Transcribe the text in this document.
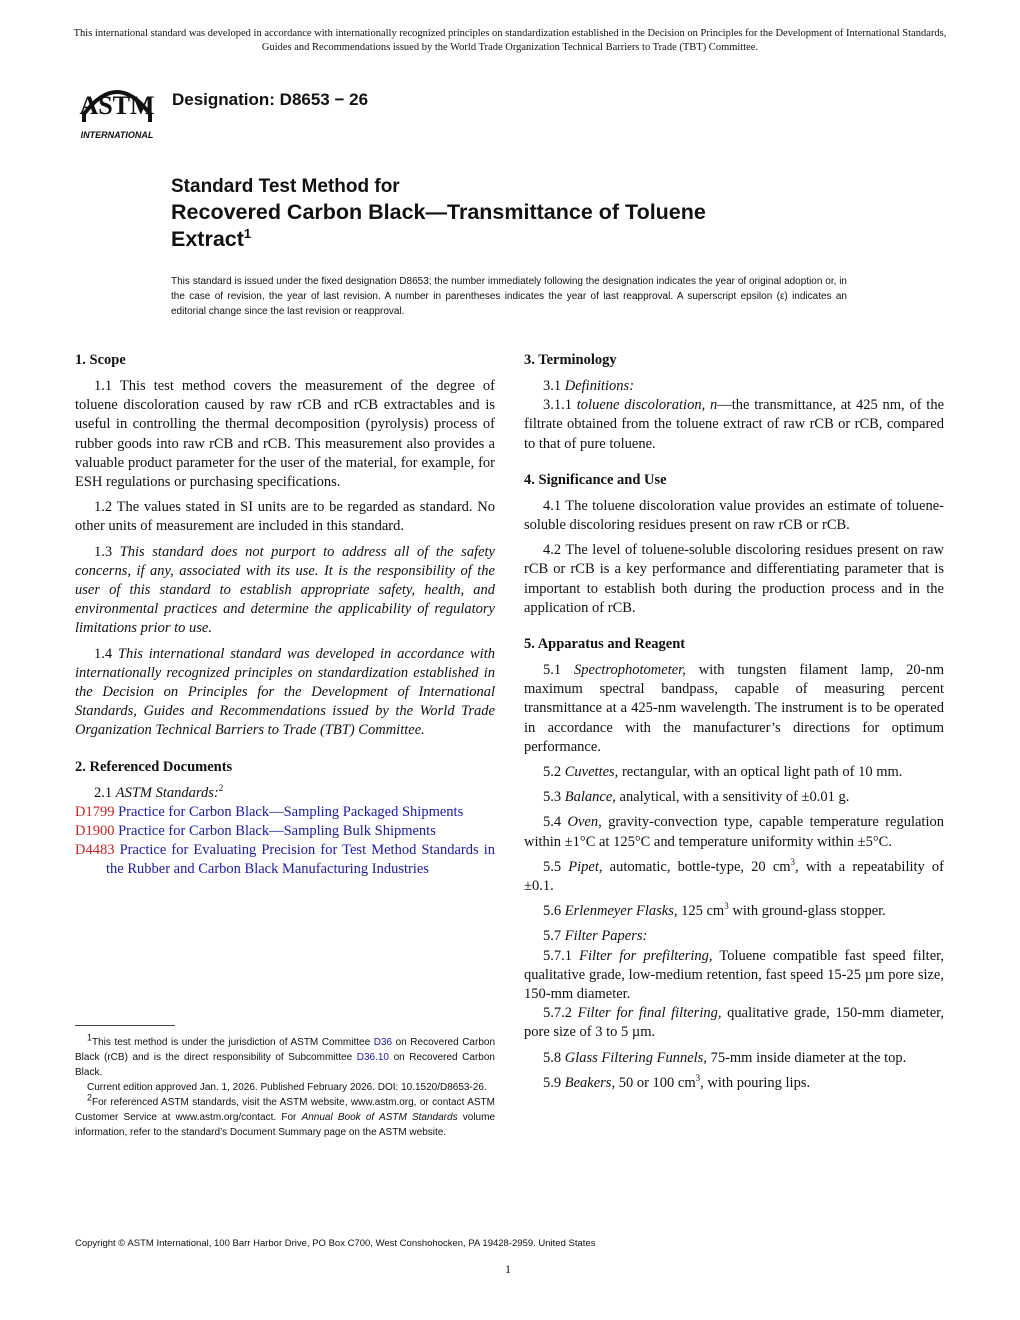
This international standard was developed in accordance with internationally recognized principles on standardization established in the Decision on Principles for the Development of International Standards, Guides and Recommendations issued by the World Trade Organization Technical Barriers to Trade (TBT) Committee.
ASTM
INTERNATIONAL
Designation: D8653 − 26
Standard Test Method for
Recovered Carbon Black—Transmittance of Toluene
Extract$^1$
This standard is issued under the fixed designation D8653; the number immediately following the designation indicates the year of original adoption or, in the case of revision, the year of last revision. A number in parentheses indicates the year of last reapproval. A superscript epsilon (ε) indicates an editorial change since the last revision or reapproval.
1. Scope

1.1 This test method covers the measurement of the degree of toluene discoloration caused by raw rCB and rCB extractables and is useful in controlling the thermal decomposition (pyrolysis) process of rubber goods into raw rCB and rCB. This measurement also provides a valuable product parameter for the user of the material, for example, for ESH regulations or purchasing specifications.

1.2 The values stated in SI units are to be regarded as standard. No other units of measurement are included in this standard.

1.3 This standard does not purport to address all of the safety concerns, if any, associated with its use. It is the responsibility of the user of this standard to establish appropriate safety, health, and environmental practices and determine the applicability of regulatory limitations prior to use.

1.4 This international standard was developed in accordance with internationally recognized principles on standardization established in the Decision on Principles for the Development of International Standards, Guides and Recommendations issued by the World Trade Organization Technical Barriers to Trade (TBT) Committee.

2. Referenced Documents

2.1 ASTM Standards:$^2$

D1799 Practice for Carbon Black—Sampling Packaged Shipments
D1900 Practice for Carbon Black—Sampling Bulk Shipments
D4483 Practice for Evaluating Precision for Test Method Standards in the Rubber and Carbon Black Manufacturing Industries
3. Terminology

3.1 Definitions:

3.1.1 toluene discoloration, n—the transmittance, at 425 nm, of the filtrate obtained from the toluene extract of raw rCB or rCB, compared to that of pure toluene.

4. Significance and Use

4.1 The toluene discoloration value provides an estimate of toluene-soluble discoloring residues present on raw rCB or rCB.

4.2 The level of toluene-soluble discoloring residues present on raw rCB or rCB is a key performance and differentiating parameter that is important to establish both during the production process and in the application of rCB.

5. Apparatus and Reagent

5.1 Spectrophotometer, with tungsten filament lamp, 20-nm maximum spectral bandpass, capable of measuring percent transmittance at a 425-nm wavelength. The instrument is to be operated in accordance with the manufacturer’s directions for optimum performance.

5.2 Cuvettes, rectangular, with an optical light path of 10 mm.

5.3 Balance, analytical, with a sensitivity of ±0.01 g.

5.4 Oven, gravity-convection type, capable temperature regulation within ±1°C at 125°C and temperature uniformity within ±5°C.

5.5 Pipet, automatic, bottle-type, 20 $cm^3$, with a repeatability of ±0.1.

5.6 Erlenmeyer Flasks, 125 $cm^3$ with ground-glass stopper.

5.7 Filter Papers:

5.7.1 Filter for prefiltering, Toluene compatible fast speed filter, qualitative grade, low-medium retention, fast speed 15-25 µm pore size, 150-mm diameter.

5.7.2 Filter for final filtering, qualitative grade, 150-mm diameter, pore size of 3 to 5 µm.

5.8 Glass Filtering Funnels, 75-mm inside diameter at the top.

5.9 Beakers, 50 or 100 $cm^3$, with pouring lips.

$^1$This test method is under the jurisdiction of ASTM Committee D36 on Recovered Carbon Black (rCB) and is the direct responsibility of Subcommittee D36.10 on Recovered Carbon Black.

Current edition approved Jan. 1, 2026. Published February 2026. DOI: 10.1520/D8653-26.

$^2$For referenced ASTM standards, visit the ASTM website, www.astm.org, or contact ASTM Customer Service at www.astm.org/contact. For Annual Book of ASTM Standards volume information, refer to the standard’s Document Summary page on the ASTM website.

Copyright © ASTM International, 100 Barr Harbor Drive, PO Box C700, West Conshohocken, PA 19428-2959. United States
1
